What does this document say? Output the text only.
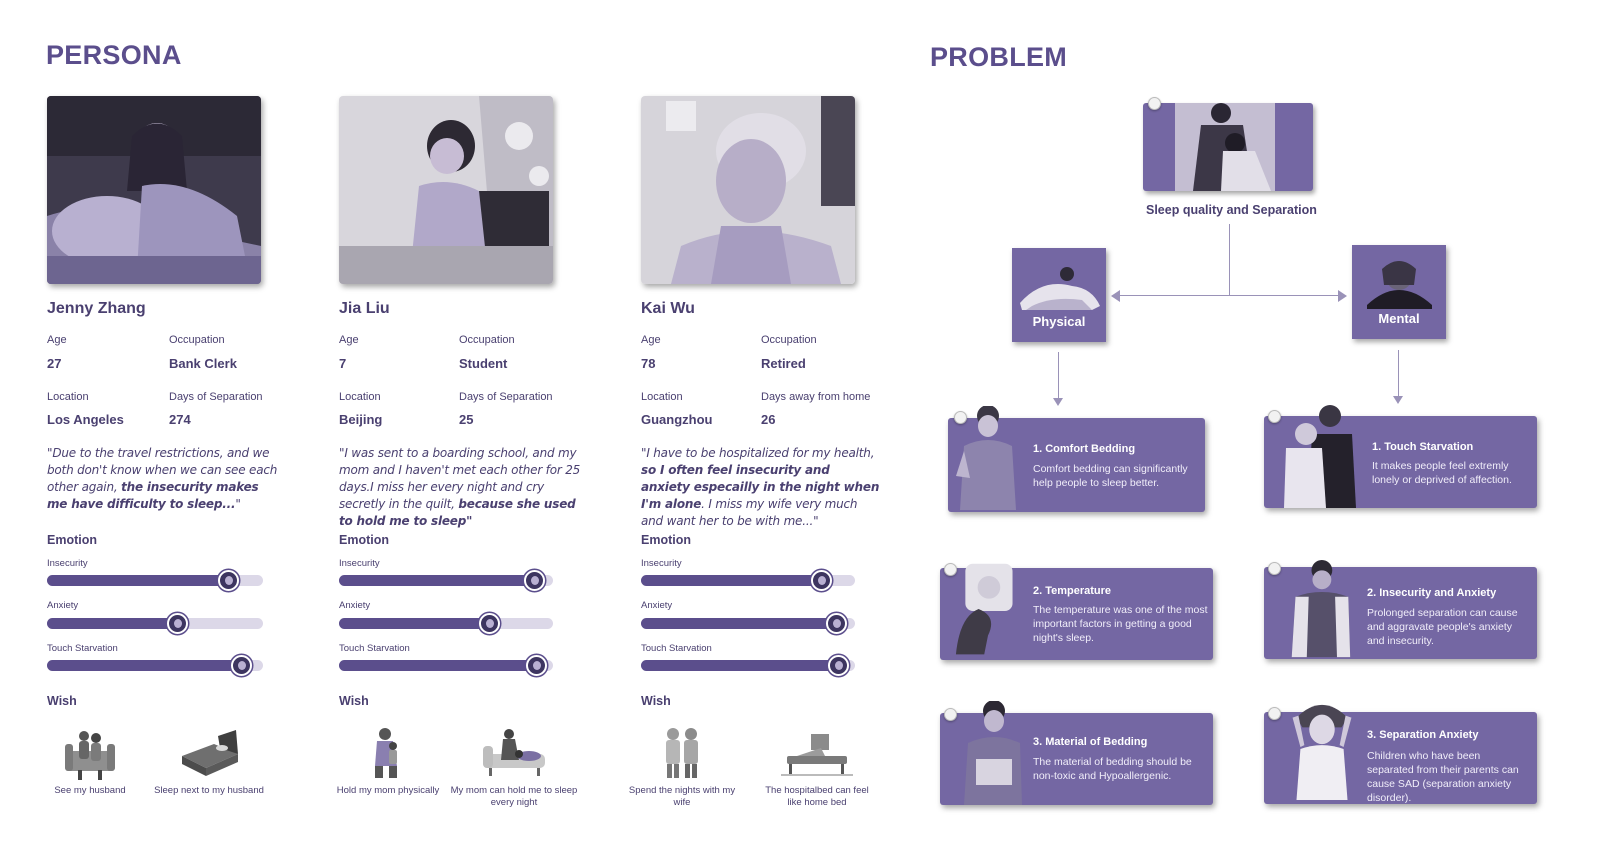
PERSONA	PROBLEM
Jenny Zhang
Age	Occupation
27	Bank Clerk
Location	Days of Separation
Los Angeles	274
"Due to the travel restrictions, and we both don't know when we can see each other again, the insecurity makes me have difficulty to sleep..."
Emotion
Insecurity
Anxiety
Touch Starvation
Wish
See my husband	Sleep next to my husband
Jia Liu
Age	Occupation
7	Student
Location	Days of Separation
Beijing	25
"I was sent to a boarding school, and my mom and I haven't met each other for 25 days.I miss her every night and cry secretly in the quilt, because she used to hold me to sleep"
Emotion
Insecurity
Anxiety
Touch Starvation
Wish
Hold my mom physically	My mom can hold me to sleep every night
Kai Wu
Age	Occupation
78	Retired
Location	Days away from home
Guangzhou	26
"I have to be hospitalized for my health, so I often feel insecurity and anxiety especailly in the night when I'm alone. I miss my wife very much and want her to be with me..."
Emotion
Insecurity
Anxiety
Touch Starvation
Wish
Spend the nights with my wife
The hospitalbed can feel like home bed
Sleep quality and Separation
Physical	Mental
1. Comfort Bedding
Comfort bedding can significantly help people to sleep better.
2. Temperature
The temperature was one of the most important factors in getting a good night's sleep.
3. Material of Bedding
The material of bedding should be non-toxic and Hypoallergenic.
1. Touch Starvation
It makes people feel extremly lonely or deprived of affection.
2. Insecurity and Anxiety
Prolonged separation can cause and aggravate people's anxiety and insecurity.
3. Separation Anxiety
Children who have been separated from their parents can cause SAD (separation anxiety disorder).
